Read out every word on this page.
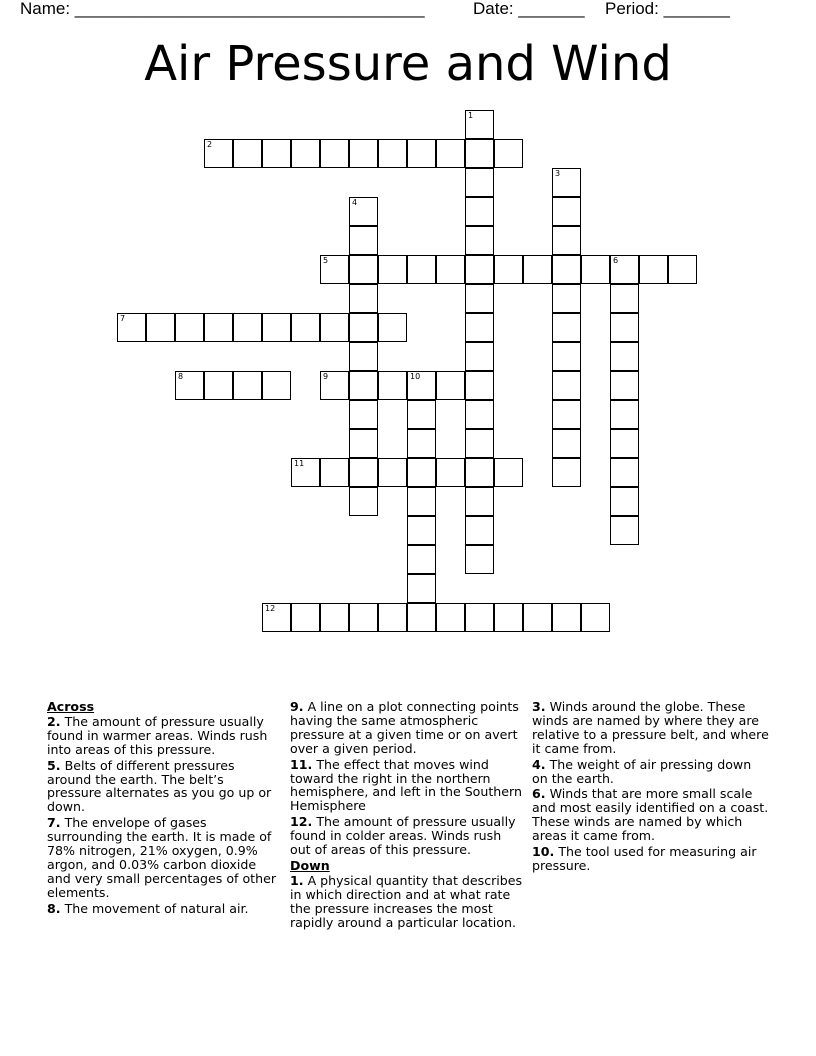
Name: _____________________________________	Date: _______ Period: _______
Air Pressure and Wind
1
2
3
4
5	6
7
8	9	10
11
12
Across
2. The amount of pressure usually found in warmer areas. Winds rush into areas of this pressure.
5. Belts of different pressures around the earth. The belt’s pressure alternates as you go up or down.
7. The envelope of gases surrounding the earth. It is made of 78% nitrogen, 21% oxygen, 0.9% argon, and 0.03% carbon dioxide and very small percentages of other elements.
8. The movement of natural air.
9. A line on a plot connecting points having the same atmospheric pressure at a given time or on avert over a given period.
11. The effect that moves wind toward the right in the northern hemisphere, and left in the Southern Hemisphere
12. The amount of pressure usually found in colder areas. Winds rush out of areas of this pressure.
Down
1. A physical quantity that describes in which direction and at what rate the pressure increases the most rapidly around a particular location.
3. Winds around the globe. These winds are named by where they are relative to a pressure belt, and where it came from.
4. The weight of air pressing down on the earth.
6. Winds that are more small scale and most easily identified on a coast. These winds are named by which areas it came from.
10. The tool used for measuring air pressure.
